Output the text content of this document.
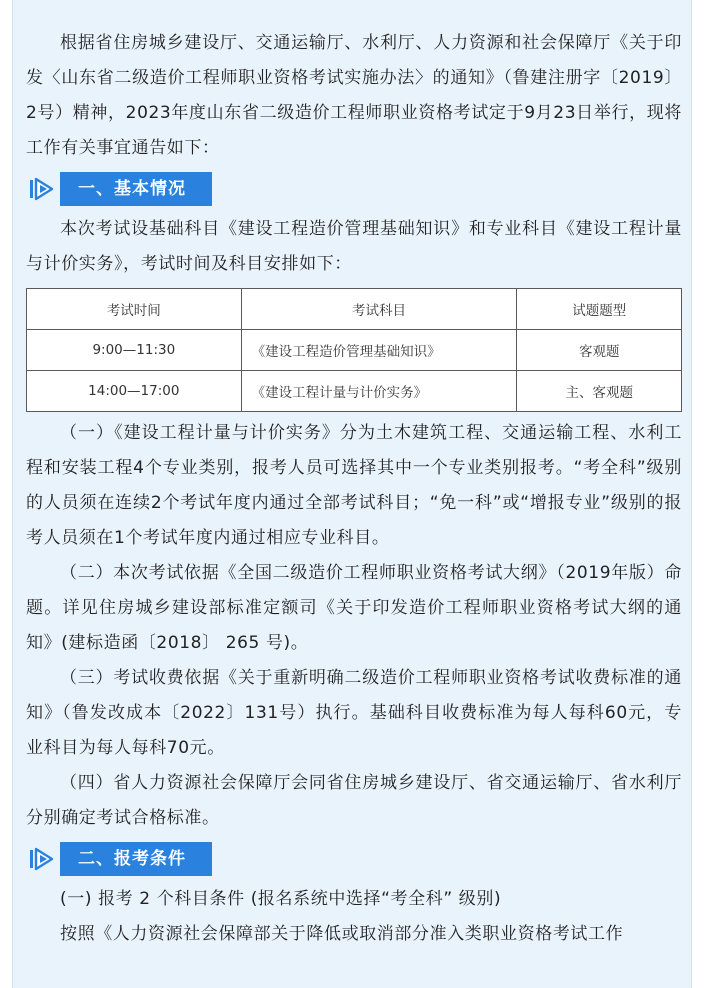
根据省住房城乡建设厅、交通运输厅、水利厅、人力资源和社会保障厅《关于印发〈山东省二级造价工程师职业资格考试实施办法〉的通知》（鲁建注册字〔2019〕2号）精神，2023年度山东省二级造价工程师职业资格考试定于9月23日举行，现将工作有关事宜通告如下：

一、基本情况

本次考试设基础科目《建设工程造价管理基础知识》和专业科目《建设工程计量与计价实务》，考试时间及科目安排如下：

考试时间	考试科目	试题题型
9:00—11:30	《建设工程造价管理基础知识》	客观题
14:00—17:00	《建设工程计量与计价实务》	主、客观题

（一）《建设工程计量与计价实务》分为土木建筑工程、交通运输工程、水利工程和安装工程4个专业类别，报考人员可选择其中一个专业类别报考。“考全科”级别的人员须在连续2个考试年度内通过全部考试科目；“免一科”或“增报专业”级别的报考人员须在1个考试年度内通过相应专业科目。

（二）本次考试依据《全国二级造价工程师职业资格考试大纲》（2019年版）命题。详见住房城乡建设部标准定额司《关于印发造价工程师职业资格考试大纲的通知》(建标造函〔2018〕 265 号)。

（三）考试收费依据《关于重新明确二级造价工程师职业资格考试收费标准的通知》（鲁发改成本〔2022〕131号）执行。基础科目收费标准为每人每科60元，专业科目为每人每科70元。

（四）省人力资源社会保障厅会同省住房城乡建设厅、省交通运输厅、省水利厅分别确定考试合格标准。

二、报考条件

(一) 报考 2 个科目条件 (报名系统中选择“考全科” 级别)

按照《人力资源社会保障部关于降低或取消部分准入类职业资格考试工作
